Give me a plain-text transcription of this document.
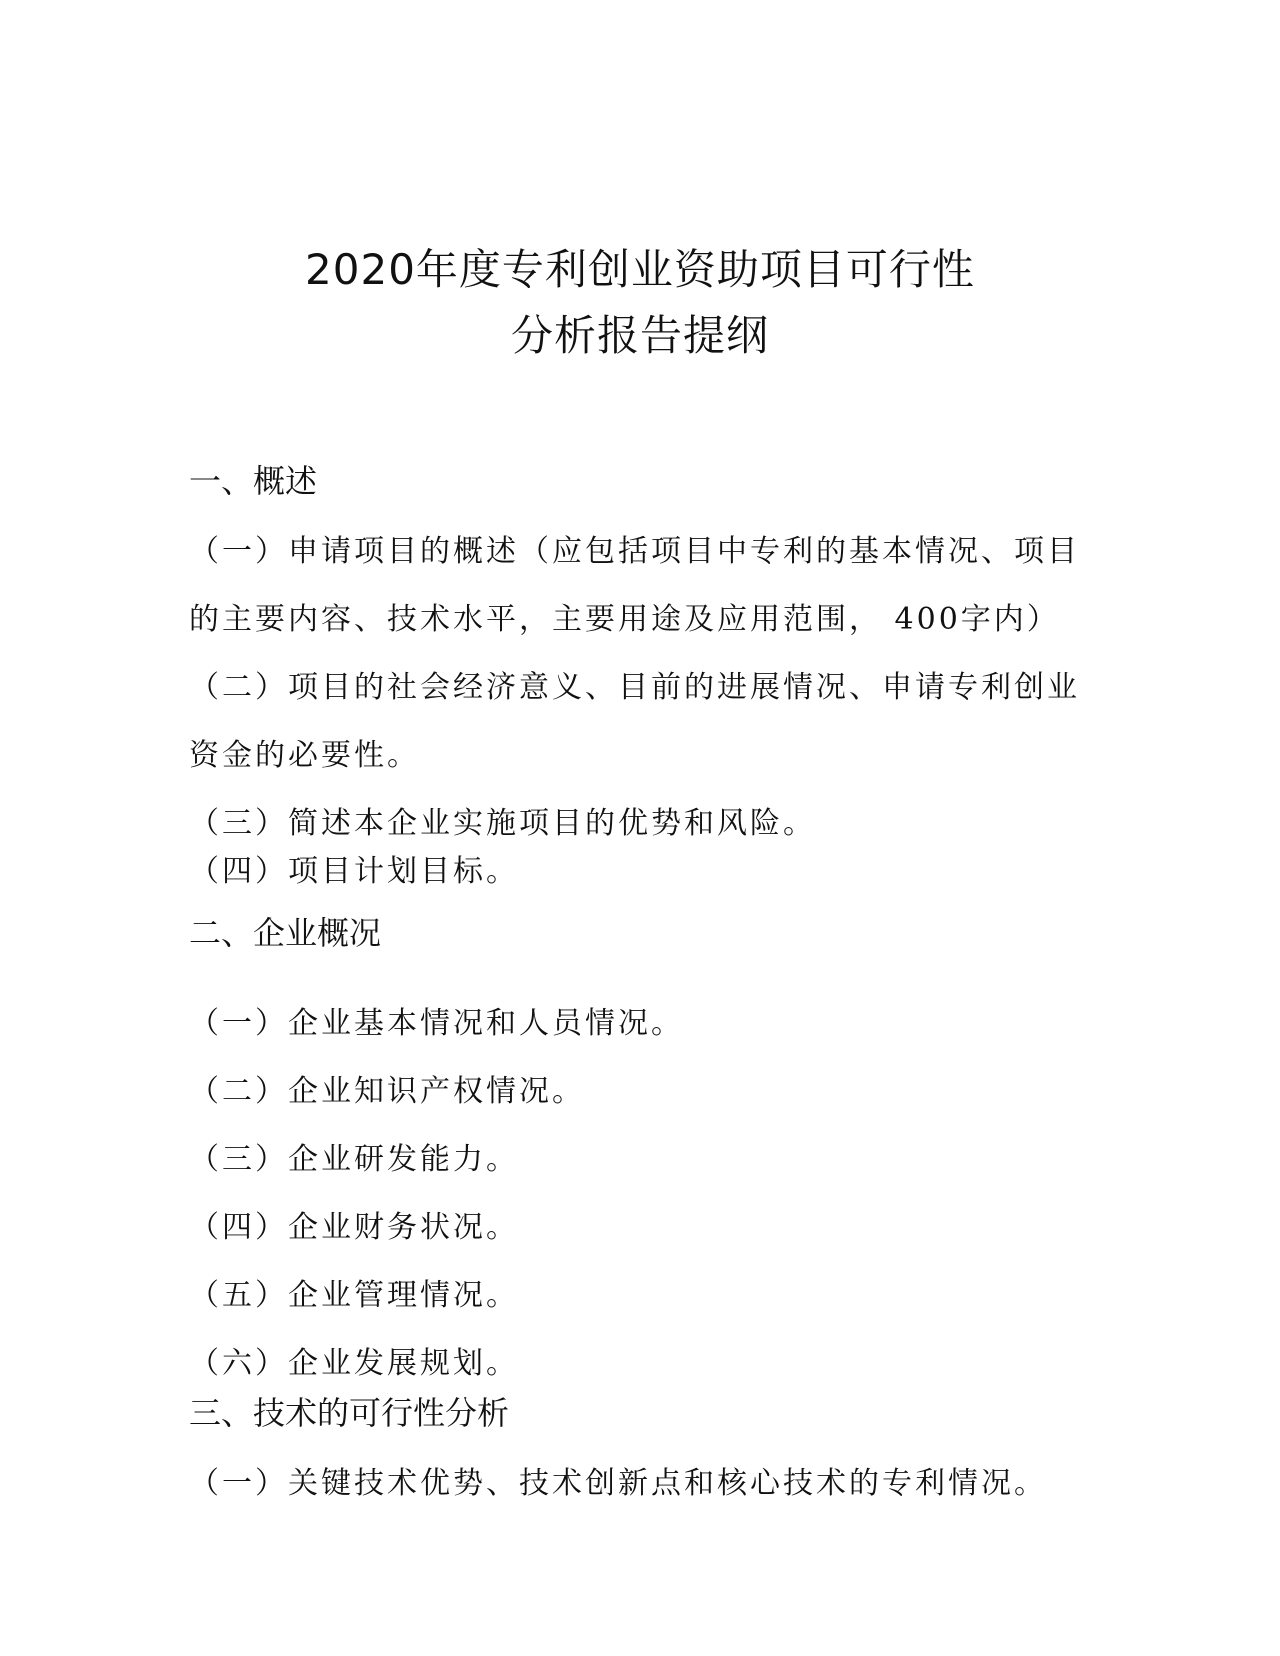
2020年度专利创业资助项目可行性
分析报告提纲
一、概述
（一）申请项目的概述（应包括项目中专利的基本情况、项目
的主要内容、技术水平，主要用途及应用范围， 400字内）
（二）项目的社会经济意义、目前的进展情况、申请专利创业
资金的必要性。
（三）简述本企业实施项目的优势和风险。
（四）项目计划目标。
二、企业概况
（一）企业基本情况和人员情况。
（二）企业知识产权情况。
（三）企业研发能力。
（四）企业财务状况。
（五）企业管理情况。
（六）企业发展规划。
三、技术的可行性分析
（一）关键技术优势、技术创新点和核心技术的专利情况。
